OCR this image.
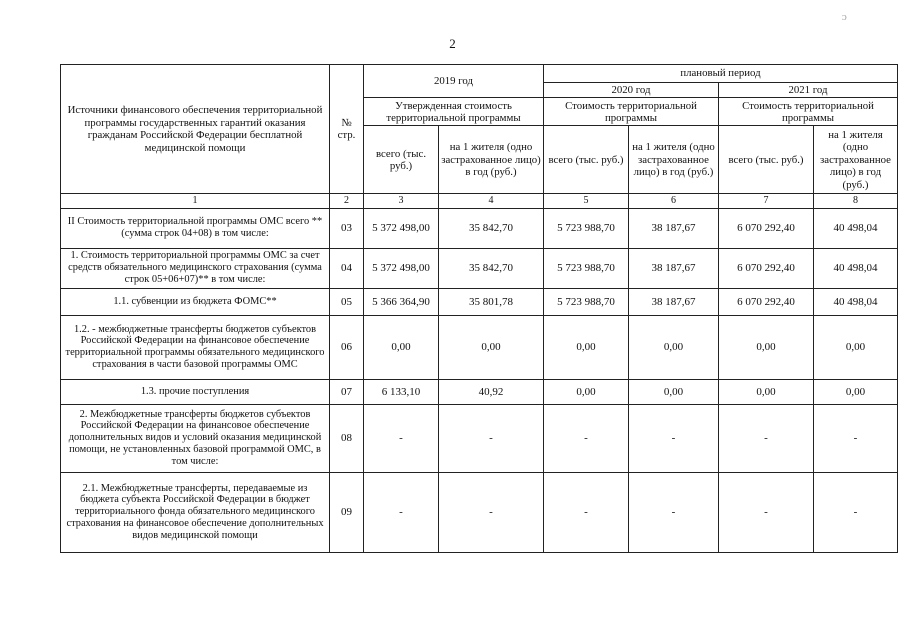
ᴐ
2
Источники финансового обеспечения территориальной программы государственных гарантий оказания гражданам Российской Федерации бесплатной медицинской помощи	№ стр.	2019 год		плановый период			
				2020 год		2021 год	
		Утвержденная стоимость территориальной программы		Стоимость территориальной программы		Стоимость территориальной программы	
		всего (тыс. руб.)	на 1 жителя (одно застрахованное лицо) в год (руб.)	всего (тыс. руб.)	на 1 жителя (одно застрахованное лицо) в год (руб.)	всего (тыс. руб.)	на 1 жителя (одно застрахованное лицо) в год (руб.)
1	2	3	4	5	6	7	8
II Стоимость территориальной программы ОМС всего **(сумма строк 04+08) в том числе:	03	5 372 498,00	35 842,70	5 723 988,70	38 187,67	6 070 292,40	40 498,04
1. Стоимость территориальной программы ОМС за счет средств обязательного медицинского страхования (сумма строк 05+06+07)** в том числе:	04	5 372 498,00	35 842,70	5 723 988,70	38 187,67	6 070 292,40	40 498,04
1.1. субвенции из бюджета ФОМС**	05	5 366 364,90	35 801,78	5 723 988,70	38 187,67	6 070 292,40	40 498,04
1.2. - межбюджетные трансферты бюджетов субъектов Российской Федерации на финансовое обеспечение территориальной программы обязательного медицинского страхования в части базовой программы ОМС	06	0,00	0,00	0,00	0,00	0,00	0,00
1.3. прочие поступления	07	6 133,10	40,92	0,00	0,00	0,00	0,00
2. Межбюджетные трансферты бюджетов субъектов Российской Федерации на финансовое обеспечение дополнительных видов и условий оказания медицинской помощи, не установленных базовой программой ОМС, в том числе:	08	-	-	-	-	-	-
2.1. Межбюджетные трансферты, передаваемые из бюджета субъекта Российской Федерации в бюджет территориального фонда обязательного медицинского страхования на финансовое обеспечение дополнительных видов медицинской помощи	09	-	-	-	-	-	-
